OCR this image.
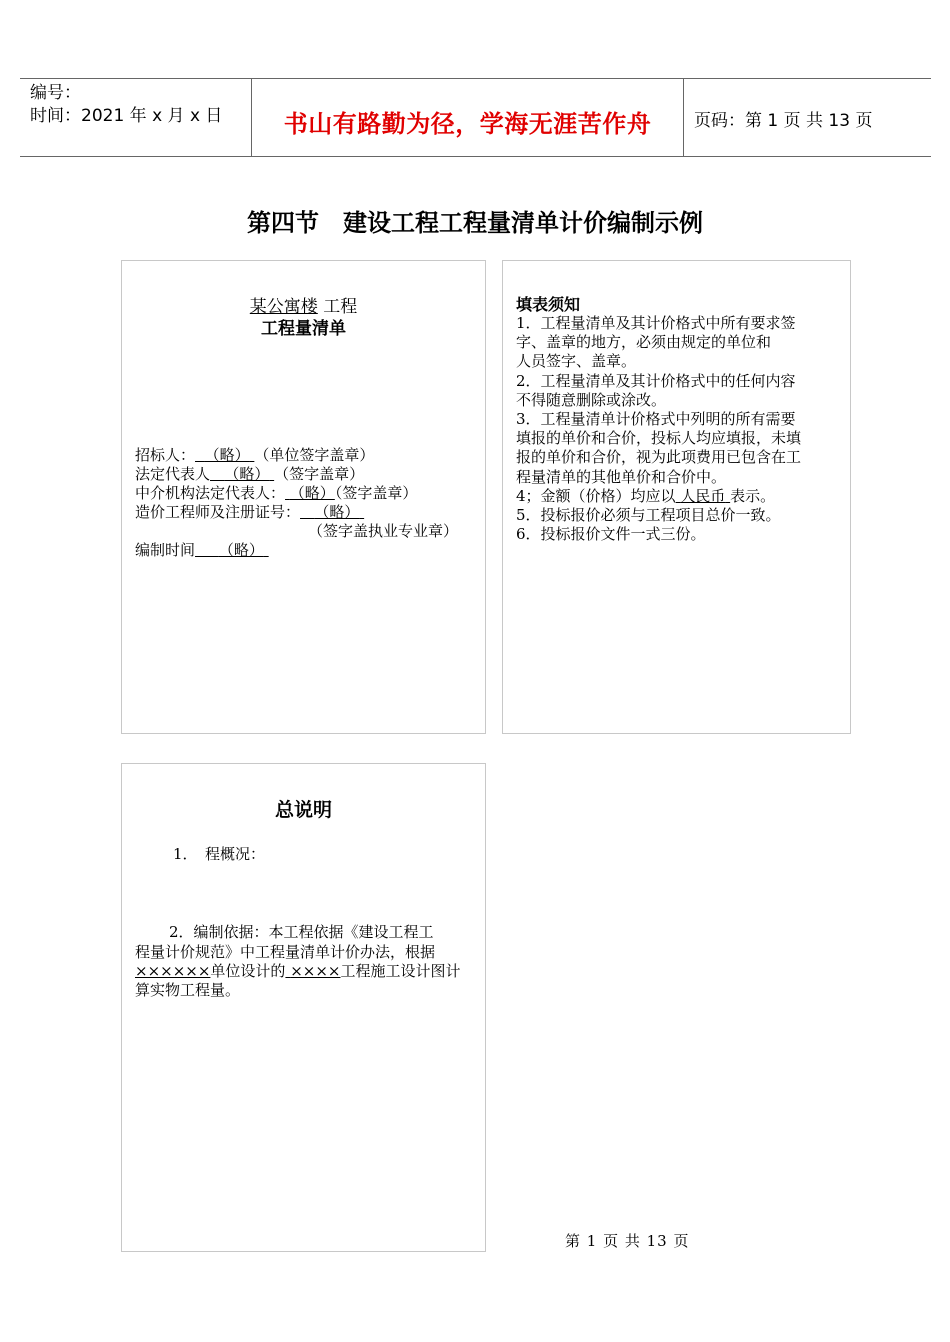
编号：
时间：2021 年 x 月 x 日	书山有路勤为径，学海无涯苦作舟	页码：第 1 页 共 13 页
第四节　建设工程工程量清单计价编制示例
某公寓楼 工程
工程量清单
招标人： （略） （单位签字盖章）
法定代表人 （略） （签字盖章）
中介机构法定代表人： （略）（签字盖章）
造价工程师及注册证号： （略）
（签字盖执业专业章）
编制时间 （略）
填表须知
1．工程量清单及其计价格式中所有要求签
字、盖章的地方，必须由规定的单位和
人员签字、盖章。
2．工程量清单及其计价格式中的任何内容
不得随意删除或涂改。
3．工程量清单计价格式中列明的所有需要
填报的单价和合价，投标人均应填报，未填
报的单价和合价，视为此项费用已包含在工
程量清单的其他单价和合价中。
4；金额（价格）均应以 人民币 表示。
5．投标报价必须与工程项目总价一致。
6．投标报价文件一式三份。
总说明
1．　程概况：
2．编制依据：本工程依据《建设工程工
程量计价规范》中工程量清单计价办法，根据
××××××单位设计的 ××××工程施工设计图计
算实物工程量。
第 1 页 共 13 页
